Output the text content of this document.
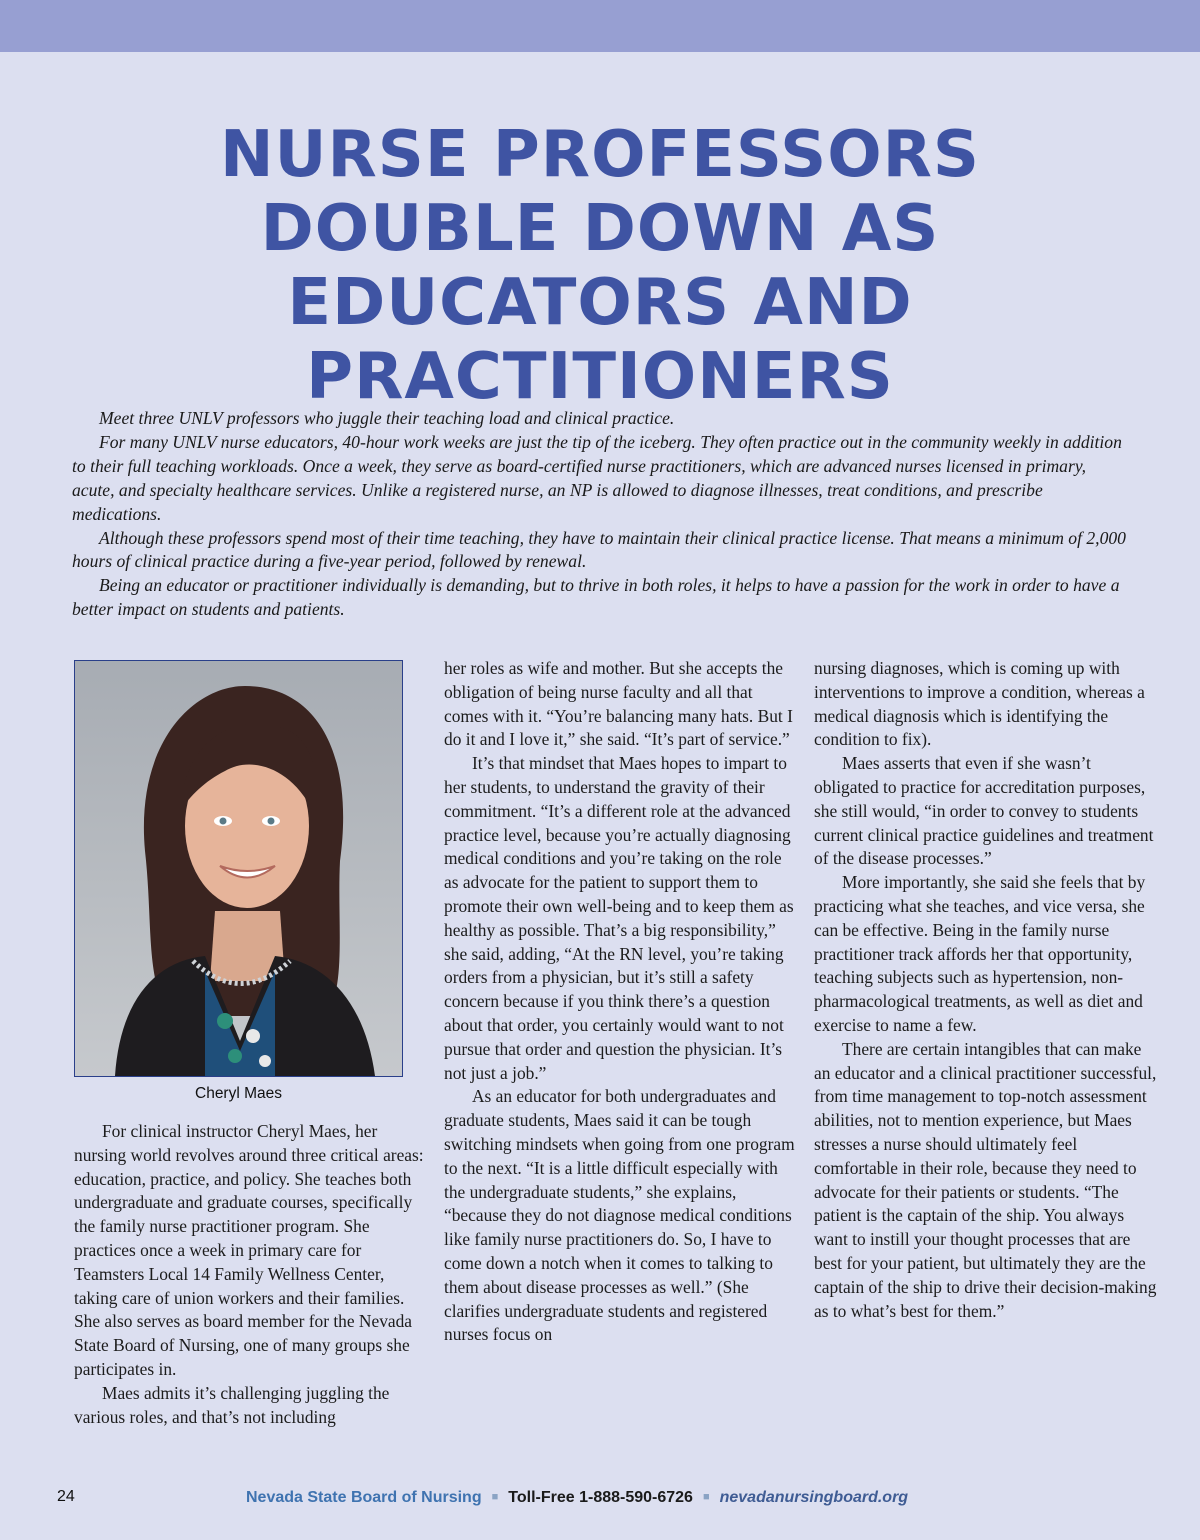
NURSE PROFESSORS
DOUBLE DOWN AS
EDUCATORS AND
PRACTITIONERS

Meet three UNLV professors who juggle their teaching load and clinical practice.

For many UNLV nurse educators, 40-hour work weeks are just the tip of the iceberg. They often practice out in the community weekly in addition to their full teaching workloads. Once a week, they serve as board-certified nurse practitioners, which are advanced nurses licensed in primary, acute, and specialty healthcare services. Unlike a registered nurse, an NP is allowed to diagnose illnesses, treat conditions, and prescribe medications.

Although these professors spend most of their time teaching, they have to maintain their clinical practice license. That means a minimum of 2,000 hours of clinical practice during a five-year period, followed by renewal.

Being an educator or practitioner individually is demanding, but to thrive in both roles, it helps to have a passion for the work in order to have a better impact on students and patients.

Cheryl Maes

For clinical instructor Cheryl Maes, her nursing world revolves around three critical areas: education, practice, and policy. She teaches both undergraduate and graduate courses, specifically the family nurse practitioner program. She practices once a week in primary care for Teamsters Local 14 Family Wellness Center, taking care of union workers and their families. She also serves as board member for the Nevada State Board of Nursing, one of many groups she participates in.

Maes admits it’s challenging juggling the various roles, and that’s not including

her roles as wife and mother. But she accepts the obligation of being nurse faculty and all that comes with it. “You’re balancing many hats. But I do it and I love it,” she said. “It’s part of service.”

It’s that mindset that Maes hopes to impart to her students, to understand the gravity of their commitment. “It’s a different role at the advanced practice level, because you’re actually diagnosing medical conditions and you’re taking on the role as advocate for the patient to support them to promote their own well-being and to keep them as healthy as possible. That’s a big responsibility,” she said, adding, “At the RN level, you’re taking orders from a physician, but it’s still a safety concern because if you think there’s a question about that order, you certainly would want to not pursue that order and question the physician. It’s not just a job.”

As an educator for both undergraduates and graduate students, Maes said it can be tough switching mindsets when going from one program to the next. “It is a little difficult especially with the undergraduate students,” she explains, “because they do not diagnose medical conditions like family nurse practitioners do. So, I have to come down a notch when it comes to talking to them about disease processes as well.” (She clarifies undergraduate students and registered nurses focus on

nursing diagnoses, which is coming up with interventions to improve a condition, whereas a medical diagnosis which is identifying the condition to fix).

Maes asserts that even if she wasn’t obligated to practice for accreditation purposes, she still would, “in order to convey to students current clinical practice guidelines and treatment of the disease processes.”

More importantly, she said she feels that by practicing what she teaches, and vice versa, she can be effective. Being in the family nurse practitioner track affords her that opportunity, teaching subjects such as hypertension, non-pharmacological treatments, as well as diet and exercise to name a few.

There are certain intangibles that can make an educator and a clinical practitioner successful, from time management to top-notch assessment abilities, not to mention experience, but Maes stresses a nurse should ultimately feel comfortable in their role, because they need to advocate for their patients or students. “The patient is the captain of the ship. You always want to instill your thought processes that are best for your patient, but ultimately they are the captain of the ship to drive their decision-making as to what’s best for them.”

24	Nevada State Board of Nursing ■ Toll-Free 1-888-590-6726 ■ nevadanursingboard.org
